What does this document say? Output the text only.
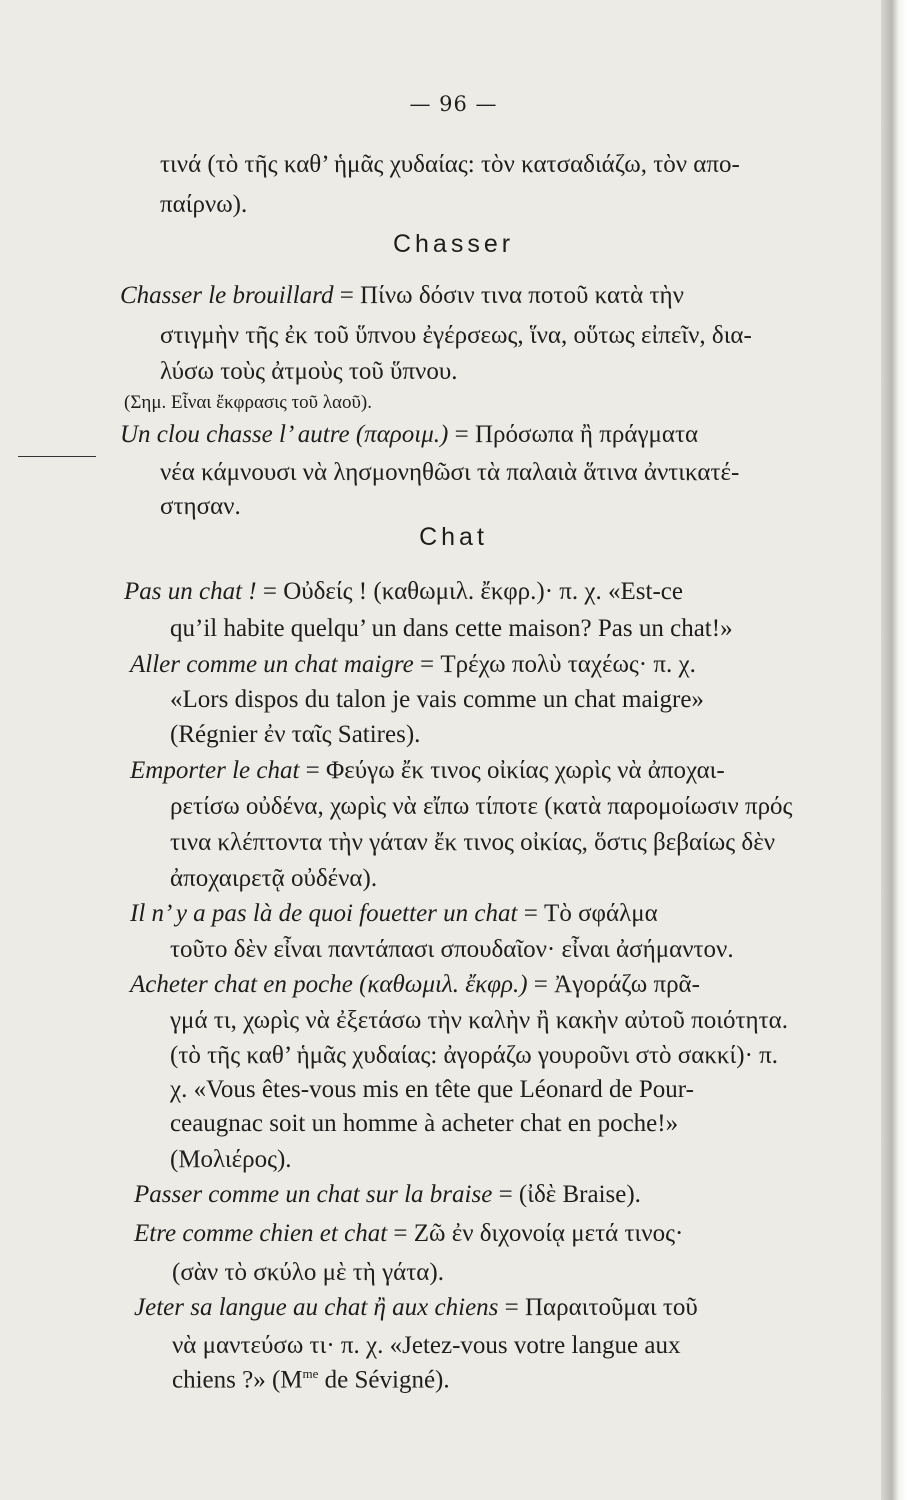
— 96 —
τινά (τὸ τῆς καθ’ ἡμᾶς χυδαίας: τὸν κατσαδιάζω, τὸν απο-
παίρνω).
Chasser
Chasser le brouillard = Πίνω δόσιν τινα ποτοῦ κατὰ τὴν
στιγμὴν τῆς ἐκ τοῦ ὕπνου ἐγέρσεως, ἵνα, οὕτως εἰπεῖν, δια-
λύσω τοὺς ἀτμοὺς τοῦ ὕπνου.
(Σημ. Εἶναι ἔκφρασις τοῦ λαοῦ).
Un clou chasse l’ autre (παροιμ.) = Πρόσωπα ἢ πράγματα
νέα κάμνουσι νὰ λησμονηθῶσι τὰ παλαιὰ ἅτινα ἀντικατέ-
στησαν.
Chat
Pas un chat ! = Οὐδείς ! (καθωμιλ. ἔκφρ.)· π. χ. «Est-ce
qu’il habite quelqu’ un dans cette maison? Pas un chat!»
Aller comme un chat maigre = Τρέχω πολὺ ταχέως· π. χ.
«Lors dispos du talon je vais comme un chat maigre»
(Régnier ἐν ταῖς Satires).
Emporter le chat = Φεύγω ἔκ τινος οἰκίας χωρὶς νὰ ἀποχαι-
ρετίσω οὐδένα, χωρὶς νὰ εἴπω τίποτε (κατὰ παρομοίωσιν πρός
τινα κλέπτοντα τὴν γάταν ἔκ τινος οἰκίας, ὅστις βεβαίως δὲν
ἀποχαιρετᾷ οὐδένα).
Il n’ y a pas là de quoi fouetter un chat = Τὸ σφάλμα
τοῦτο δὲν εἶναι παντάπασι σπουδαῖον· εἶναι ἀσήμαντον.
Acheter chat en poche (καθωμιλ. ἔκφρ.) = Ἀγοράζω πρᾶ-
γμά τι, χωρὶς νὰ ἐξετάσω τὴν καλὴν ἢ κακὴν αὐτοῦ ποιότητα.
(τὸ τῆς καθ’ ἡμᾶς χυδαίας: ἀγοράζω γουροῦνι στὸ σακκί)· π.
χ. «Vous êtes-vous mis en tête que Léonard de Pour-
ceaugnac soit un homme à acheter chat en poche!»
(Μολιέρος).
Passer comme un chat sur la braise = (ἰδὲ Braise).
Etre comme chien et chat = Ζῶ ἐν διχονοίᾳ μετά τινος·
(σὰν τὸ σκύλο μὲ τὴ γάτα).
Jeter sa langue au chat ἢ aux chiens = Παραιτοῦμαι τοῦ
νὰ μαντεύσω τι· π. χ. «Jetez-vous votre langue aux
chiens ?» ($M^{me}$ de Sévigné).
